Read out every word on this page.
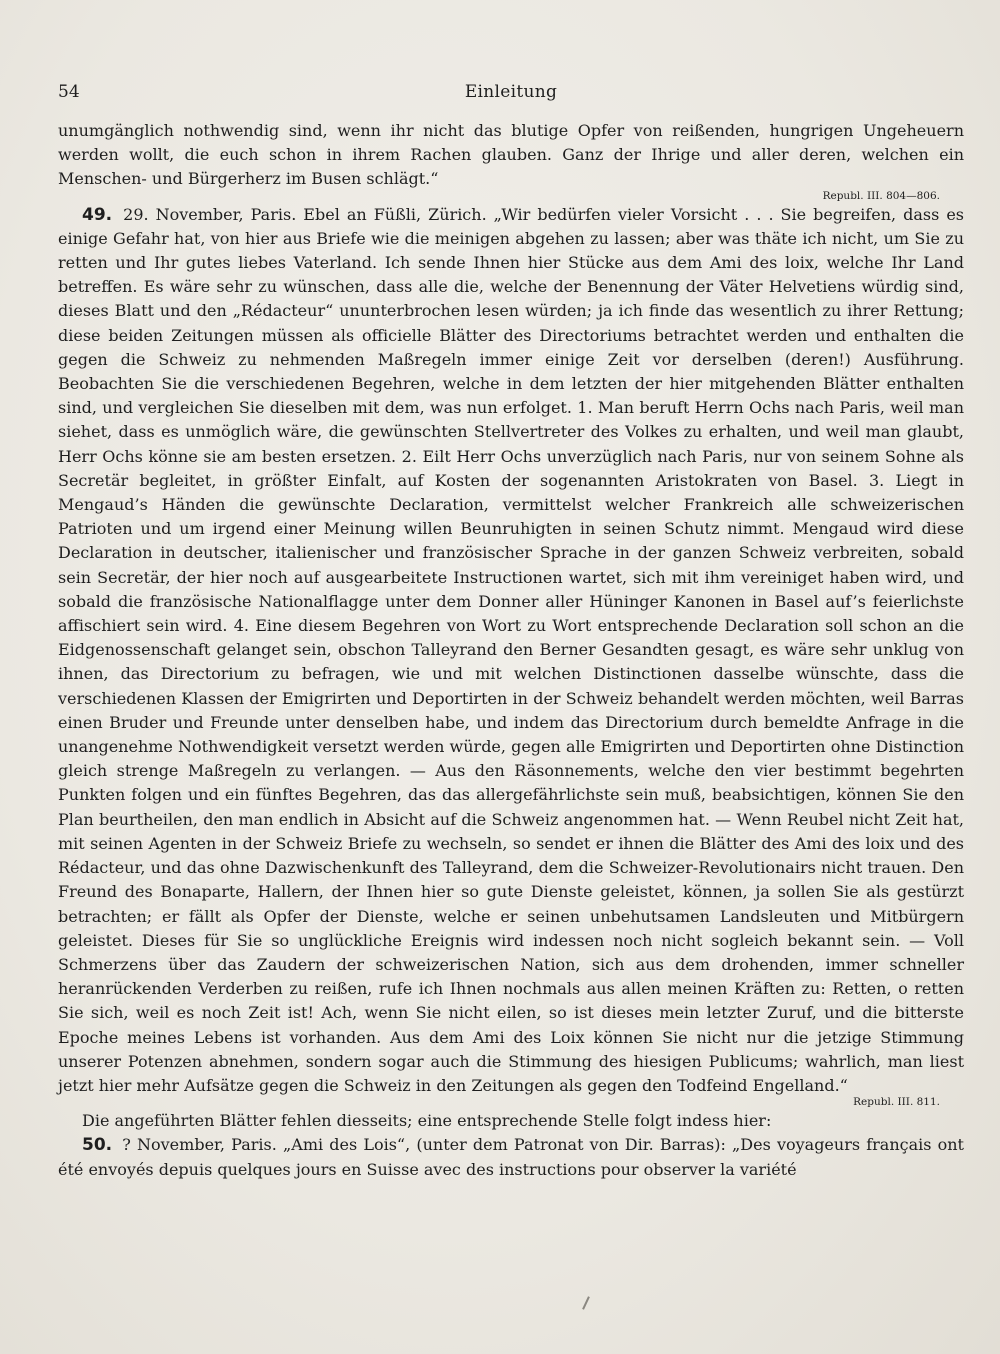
54	Einleitung

unumgänglich nothwendig sind, wenn ihr nicht das blutige Opfer von reißenden, hungrigen Ungeheuern werden wollt, die euch schon in ihrem Rachen glauben. Ganz der Ihrige und aller deren, welchen ein Menschen- und Bürgerherz im Busen schlägt.“

Republ. III. 804—806.

49. 29. November, Paris. Ebel an Füßli, Zürich. „Wir bedürfen vieler Vorsicht . . . Sie begreifen, dass es einige Gefahr hat, von hier aus Briefe wie die meinigen abgehen zu lassen; aber was thäte ich nicht, um Sie zu retten und Ihr gutes liebes Vaterland. Ich sende Ihnen hier Stücke aus dem Ami des loix, welche Ihr Land betreffen. Es wäre sehr zu wünschen, dass alle die, welche der Benennung der Väter Helvetiens würdig sind, dieses Blatt und den „Rédacteur“ ununterbrochen lesen würden; ja ich finde das wesentlich zu ihrer Rettung; diese beiden Zeitungen müssen als officielle Blätter des Directoriums betrachtet werden und enthalten die gegen die Schweiz zu nehmenden Maßregeln immer einige Zeit vor derselben (deren!) Ausführung. Beobachten Sie die verschiedenen Begehren, welche in dem letzten der hier mitgehenden Blätter enthalten sind, und vergleichen Sie dieselben mit dem, was nun erfolget. 1. Man beruft Herrn Ochs nach Paris, weil man siehet, dass es unmöglich wäre, die gewünschten Stellvertreter des Volkes zu erhalten, und weil man glaubt, Herr Ochs könne sie am besten ersetzen. 2. Eilt Herr Ochs unverzüglich nach Paris, nur von seinem Sohne als Secretär begleitet, in größter Einfalt, auf Kosten der sogenannten Aristokraten von Basel. 3. Liegt in Mengaud’s Händen die gewünschte Declaration, vermittelst welcher Frankreich alle schweizerischen Patrioten und um irgend einer Meinung willen Beunruhigten in seinen Schutz nimmt. Mengaud wird diese Declaration in deutscher, italienischer und französischer Sprache in der ganzen Schweiz verbreiten, sobald sein Secretär, der hier noch auf ausgearbeitete Instructionen wartet, sich mit ihm vereiniget haben wird, und sobald die französische Nationalflagge unter dem Donner aller Hüninger Kanonen in Basel auf’s feierlichste affischiert sein wird. 4. Eine diesem Begehren von Wort zu Wort entsprechende Declaration soll schon an die Eidgenossenschaft gelanget sein, obschon Talleyrand den Berner Gesandten gesagt, es wäre sehr unklug von ihnen, das Directorium zu befragen, wie und mit welchen Distinctionen dasselbe wünschte, dass die verschiedenen Klassen der Emigrirten und Deportirten in der Schweiz behandelt werden möchten, weil Barras einen Bruder und Freunde unter denselben habe, und indem das Directorium durch bemeldte Anfrage in die unangenehme Nothwendigkeit versetzt werden würde, gegen alle Emigrirten und Deportirten ohne Distinction gleich strenge Maßregeln zu verlangen. — Aus den Räsonnements, welche den vier bestimmt begehrten Punkten folgen und ein fünftes Begehren, das das allergefährlichste sein muß, beabsichtigen, können Sie den Plan beurtheilen, den man endlich in Absicht auf die Schweiz angenommen hat. — Wenn Reubel nicht Zeit hat, mit seinen Agenten in der Schweiz Briefe zu wechseln, so sendet er ihnen die Blätter des Ami des loix und des Rédacteur, und das ohne Dazwischenkunft des Talleyrand, dem die Schweizer-Revolutionairs nicht trauen. Den Freund des Bonaparte, Hallern, der Ihnen hier so gute Dienste geleistet, können, ja sollen Sie als gestürzt betrachten; er fällt als Opfer der Dienste, welche er seinen unbehutsamen Landsleuten und Mitbürgern geleistet. Dieses für Sie so unglückliche Ereignis wird indessen noch nicht sogleich bekannt sein. — Voll Schmerzens über das Zaudern der schweizerischen Nation, sich aus dem drohenden, immer schneller heranrückenden Verderben zu reißen, rufe ich Ihnen nochmals aus allen meinen Kräften zu: Retten, o retten Sie sich, weil es noch Zeit ist! Ach, wenn Sie nicht eilen, so ist dieses mein letzter Zuruf, und die bitterste Epoche meines Lebens ist vorhanden. Aus dem Ami des Loix können Sie nicht nur die jetzige Stimmung unserer Potenzen abnehmen, sondern sogar auch die Stimmung des hiesigen Publicums; wahrlich, man liest jetzt hier mehr Aufsätze gegen die Schweiz in den Zeitungen als gegen den Todfeind Engelland.“

Republ. III. 811.

Die angeführten Blätter fehlen diesseits; eine entsprechende Stelle folgt indess hier:

50. ? November, Paris. „Ami des Lois“, (unter dem Patronat von Dir. Barras): „Des voyageurs français ont été envoyés depuis quelques jours en Suisse avec des instructions pour observer la variété
